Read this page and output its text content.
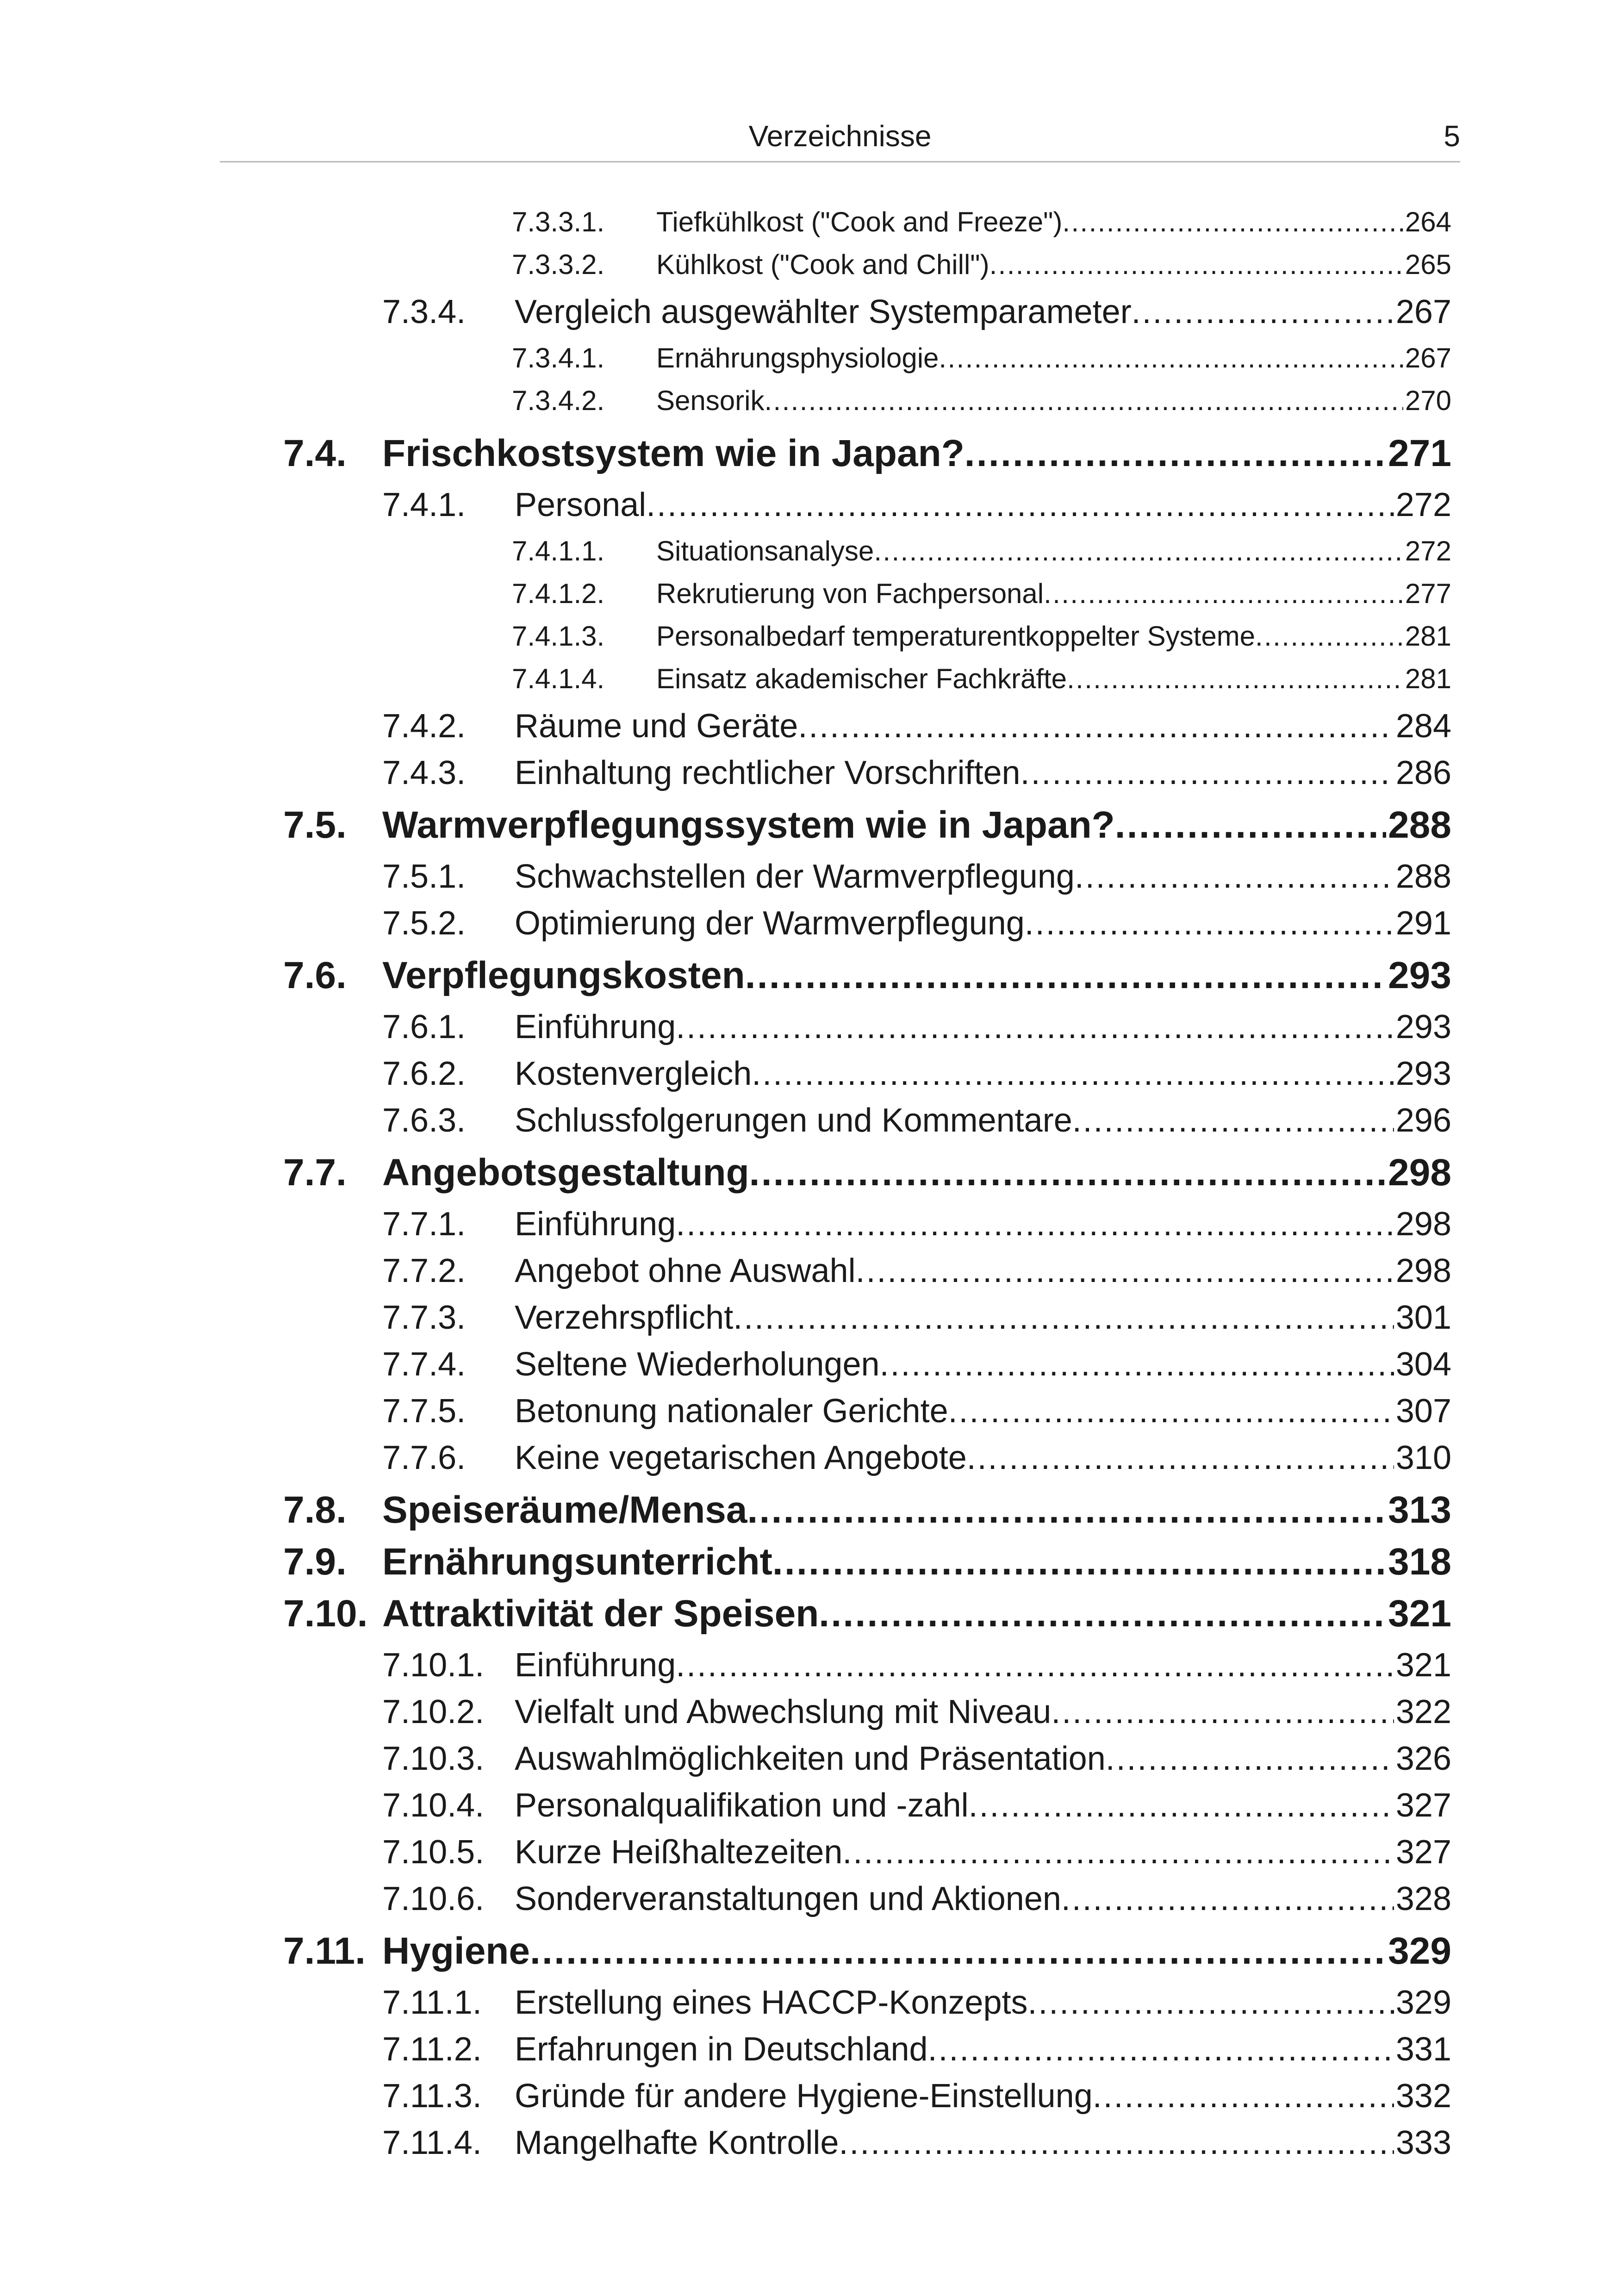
Verzeichnisse	5
7.3.3.1. Tiefkühlkost ("Cook and Freeze") .....	264
7.3.3.2. Kühlkost ("Cook and Chill") .....	265
7.3.4. Vergleich ausgewählter Systemparameter .....	267
7.3.4.1. Ernährungsphysiologie .....	267
7.3.4.2. Sensorik .....	270
7.4. Frischkostsystem wie in Japan? .....	271
7.4.1. Personal .....	272
7.4.1.1. Situationsanalyse .....	272
7.4.1.2. Rekrutierung von Fachpersonal .....	277
7.4.1.3. Personalbedarf temperaturentkoppelter Systeme .....	281
7.4.1.4. Einsatz akademischer Fachkräfte .....	281
7.4.2. Räume und Geräte .....	284
7.4.3. Einhaltung rechtlicher Vorschriften .....	286
7.5. Warmverpflegungssystem wie in Japan? .....	288
7.5.1. Schwachstellen der Warmverpflegung .....	288
7.5.2. Optimierung der Warmverpflegung .....	291
7.6. Verpflegungskosten .....	293
7.6.1. Einführung .....	293
7.6.2. Kostenvergleich .....	293
7.6.3. Schlussfolgerungen und Kommentare .....	296
7.7. Angebotsgestaltung .....	298
7.7.1. Einführung .....	298
7.7.2. Angebot ohne Auswahl .....	298
7.7.3. Verzehrspflicht .....	301
7.7.4. Seltene Wiederholungen .....	304
7.7.5. Betonung nationaler Gerichte .....	307
7.7.6. Keine vegetarischen Angebote .....	310
7.8. Speiseräume/Mensa .....	313
7.9. Ernährungsunterricht .....	318
7.10. Attraktivität der Speisen .....	321
7.10.1. Einführung .....	321
7.10.2. Vielfalt und Abwechslung mit Niveau .....	322
7.10.3. Auswahlmöglichkeiten und Präsentation .....	326
7.10.4. Personalqualifikation und -zahl .....	327
7.10.5. Kurze Heißhaltezeiten .....	327
7.10.6. Sonderveranstaltungen und Aktionen .....	328
7.11. Hygiene .....	329
7.11.1. Erstellung eines HACCP-Konzepts .....	329
7.11.2. Erfahrungen in Deutschland .....	331
7.11.3. Gründe für andere Hygiene-Einstellung .....	332
7.11.4. Mangelhafte Kontrolle .....	333
